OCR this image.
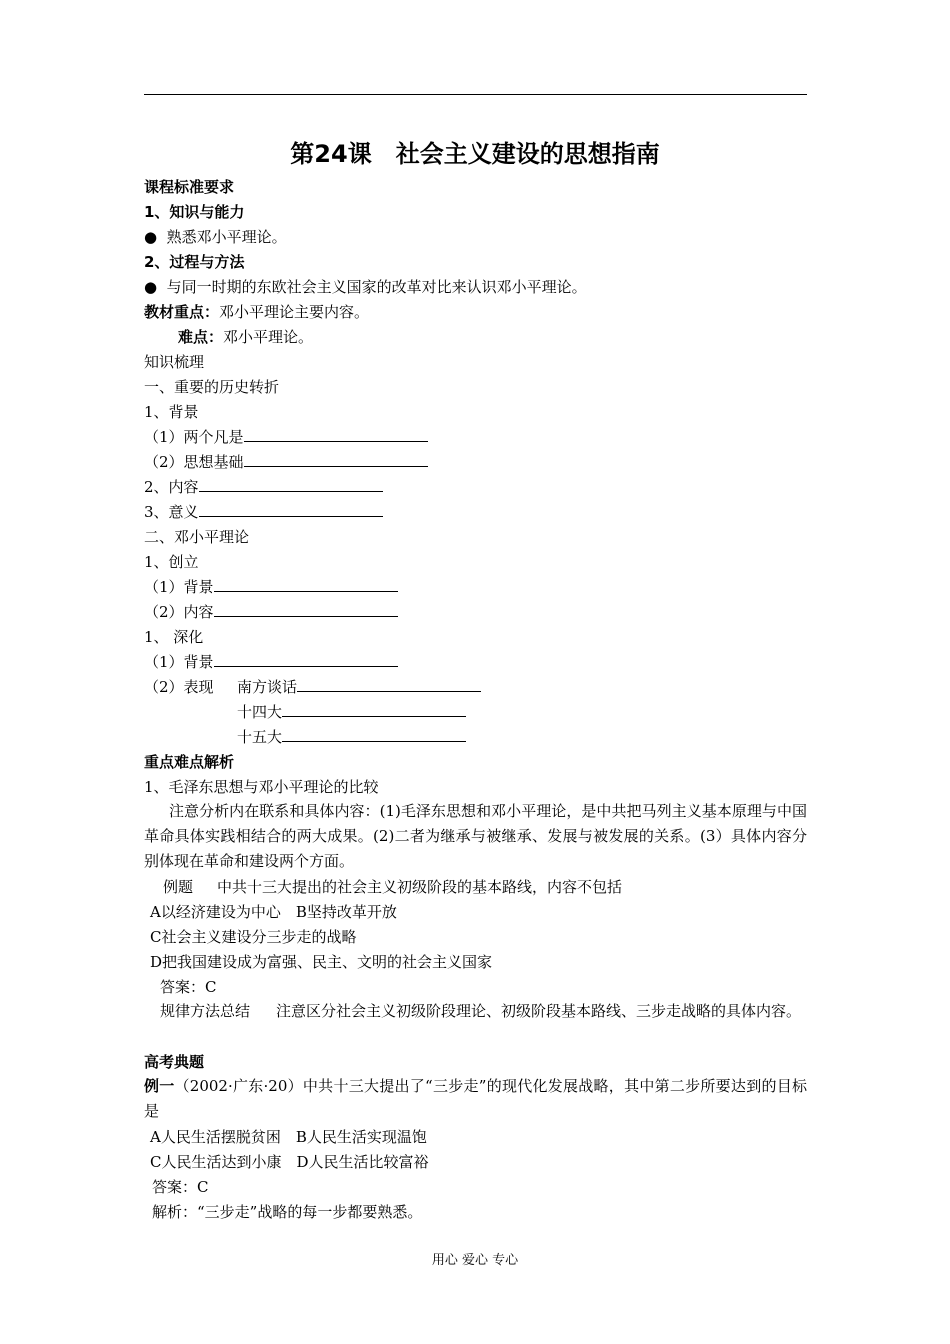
第24课　社会主义建设的思想指南
课程标准要求
1、知识与能力
● 熟悉邓小平理论。
2、过程与方法
● 与同一时期的东欧社会主义国家的改革对比来认识邓小平理论。
教材重点：邓小平理论主要内容。
难点：邓小平理论。
知识梳理
一、重要的历史转折
1、背景
（1）两个凡是
（2）思想基础
2、内容
3、意义
二、邓小平理论
1、创立
（1）背景
（2）内容
1、 深化
（1）背景
（2）表现 南方谈话
十四大
十五大
重点难点解析
1、毛泽东思想与邓小平理论的比较
注意分析内在联系和具体内容：(1)毛泽东思想和邓小平理论，是中共把马列主义基本原理与中国革命具体实践相结合的两大成果。(2)二者为继承与被继承、发展与被发展的关系。(3）具体内容分别体现在革命和建设两个方面。
例题 中共十三大提出的社会主义初级阶段的基本路线，内容不包括
A以经济建设为中心　B坚持改革开放
C社会主义建设分三步走的战略
D把我国建设成为富强、民主、文明的社会主义国家
答案：C
规律方法总结 注意区分社会主义初级阶段理论、初级阶段基本路线、三步走战略的具体内容。
高考典题
例一（2002·广东·20）中共十三大提出了“三步走”的现代化发展战略，其中第二步所要达到的目标是
A人民生活摆脱贫困　B人民生活实现温饱
C人民生活达到小康　D人民生活比较富裕
答案：C
解析：“三步走”战略的每一步都要熟悉。
用心 爱心 专心
